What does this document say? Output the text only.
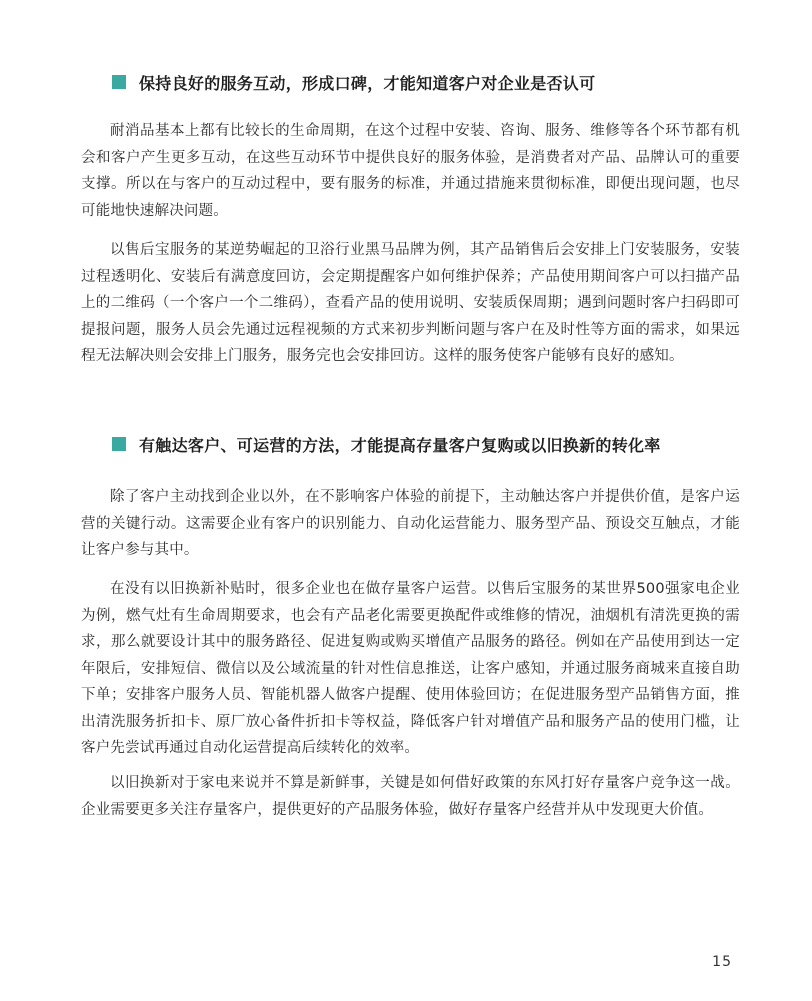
保持良好的服务互动，形成口碑，才能知道客户对企业是否认可

耐消品基本上都有比较长的生命周期，在这个过程中安装、咨询、服务、维修等各个环节都有机会和客户产生更多互动，在这些互动环节中提供良好的服务体验，是消费者对产品、品牌认可的重要支撑。所以在与客户的互动过程中，要有服务的标准，并通过措施来贯彻标准，即便出现问题，也尽可能地快速解决问题。

以售后宝服务的某逆势崛起的卫浴行业黑马品牌为例，其产品销售后会安排上门安装服务，安装过程透明化、安装后有满意度回访，会定期提醒客户如何维护保养；产品使用期间客户可以扫描产品上的二维码（一个客户一个二维码），查看产品的使用说明、安装质保周期；遇到问题时客户扫码即可提报问题，服务人员会先通过远程视频的方式来初步判断问题与客户在及时性等方面的需求，如果远程无法解决则会安排上门服务，服务完也会安排回访。这样的服务使客户能够有良好的感知。

有触达客户、可运营的方法，才能提高存量客户复购或以旧换新的转化率

除了客户主动找到企业以外，在不影响客户体验的前提下，主动触达客户并提供价值，是客户运营的关键行动。这需要企业有客户的识别能力、自动化运营能力、服务型产品、预设交互触点，才能让客户参与其中。

在没有以旧换新补贴时，很多企业也在做存量客户运营。以售后宝服务的某世界500强家电企业为例，燃气灶有生命周期要求，也会有产品老化需要更换配件或维修的情况，油烟机有清洗更换的需求，那么就要设计其中的服务路径、促进复购或购买增值产品服务的路径。例如在产品使用到达一定年限后，安排短信、微信以及公域流量的针对性信息推送，让客户感知，并通过服务商城来直接自助下单；安排客户服务人员、智能机器人做客户提醒、使用体验回访；在促进服务型产品销售方面，推出清洗服务折扣卡、原厂放心备件折扣卡等权益，降低客户针对增值产品和服务产品的使用门槛，让客户先尝试再通过自动化运营提高后续转化的效率。

以旧换新对于家电来说并不算是新鲜事，关键是如何借好政策的东风打好存量客户竞争这一战。企业需要更多关注存量客户，提供更好的产品服务体验，做好存量客户经营并从中发现更大价值。

15
